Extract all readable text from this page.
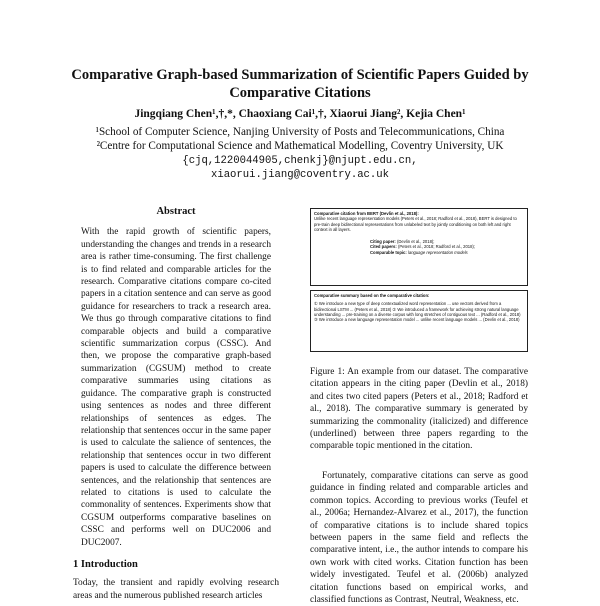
Comparative Graph-based Summarization of Scientific Papers Guided by Comparative Citations
Jingqiang Chen¹,†,*, Chaoxiang Cai¹,†, Xiaorui Jiang², Kejia Chen¹
¹School of Computer Science, Nanjing University of Posts and Telecommunications, China
²Centre for Computational Science and Mathematical Modelling, Coventry University, UK
{cjq,1220044905,chenkj}@njupt.edu.cn,
xiaorui.jiang@coventry.ac.uk
Abstract

With the rapid growth of scientific papers, understanding the changes and trends in a research area is rather time-consuming. The first challenge is to find related and comparable articles for the research. Comparative citations compare co-cited papers in a citation sentence and can serve as good guidance for researchers to track a research area. We thus go through comparative citations to find comparable objects and build a comparative scientific summarization corpus (CSSC). And then, we propose the comparative graph-based summarization (CGSUM) method to create comparative summaries using citations as guidance. The comparative graph is constructed using sentences as nodes and three different relationships of sentences as edges. The relationship that sentences occur in the same paper is used to calculate the salience of sentences, the relationship that sentences occur in two different papers is used to calculate the difference between sentences, and the relationship that sentences are related to citations is used to calculate the commonality of sentences. Experiments show that CGSUM outperforms comparative baselines on CSSC and performs well on DUC2006 and DUC2007.

1 Introduction

Today, the transient and rapidly evolving research areas and the numerous published research articles

Comparative citation from BERT (Devlin et al., 2018):
Unlike recent language representation models (Peters et al., 2018; Radford et al., 2018), BERT is designed to pre-train deep bidirectional representations from unlabeled text by jointly conditioning on both left and right context in all layers.
Citing paper: (Devlin et al., 2018);
Cited papers: (Peters et al., 2018; Radford et al., 2018);
Comparable topic: language representation models
Comparative summary based on the comparative citation:
① We introduce a new type of deep contextualized word representation ... use vectors derived from a bidirectional LSTM ... (Peters et al., 2018) ② We introduced a framework for achieving strong natural language understanding ... pre-training on a diverse corpus with long stretches of contiguous text ... (Radford et al., 2018) ③ We introduce a new language representation model ... unlike recent language models ... (Devlin et al., 2018)
Figure 1: An example from our dataset. The comparative citation appears in the citing paper (Devlin et al., 2018) and cites two cited papers (Peters et al., 2018; Radford et al., 2018). The comparative summary is generated by summarizing the commonality (italicized) and difference (underlined) between three papers regarding to the comparable topic mentioned in the citation.

Fortunately, comparative citations can serve as good guidance in finding related and comparable articles and common topics. According to previous works (Teufel et al., 2006a; Hernandez-Alvarez et al., 2017), the function of comparative citations is to include shared topics between papers in the same field and reflects the comparative intent, i.e., the author intends to compare his own work with cited works. Citation function has been widely investigated. Teufel et al. (2006b) analyzed citation functions based on empirical works, and classified functions as Contrast, Neutral, Weakness, etc.
